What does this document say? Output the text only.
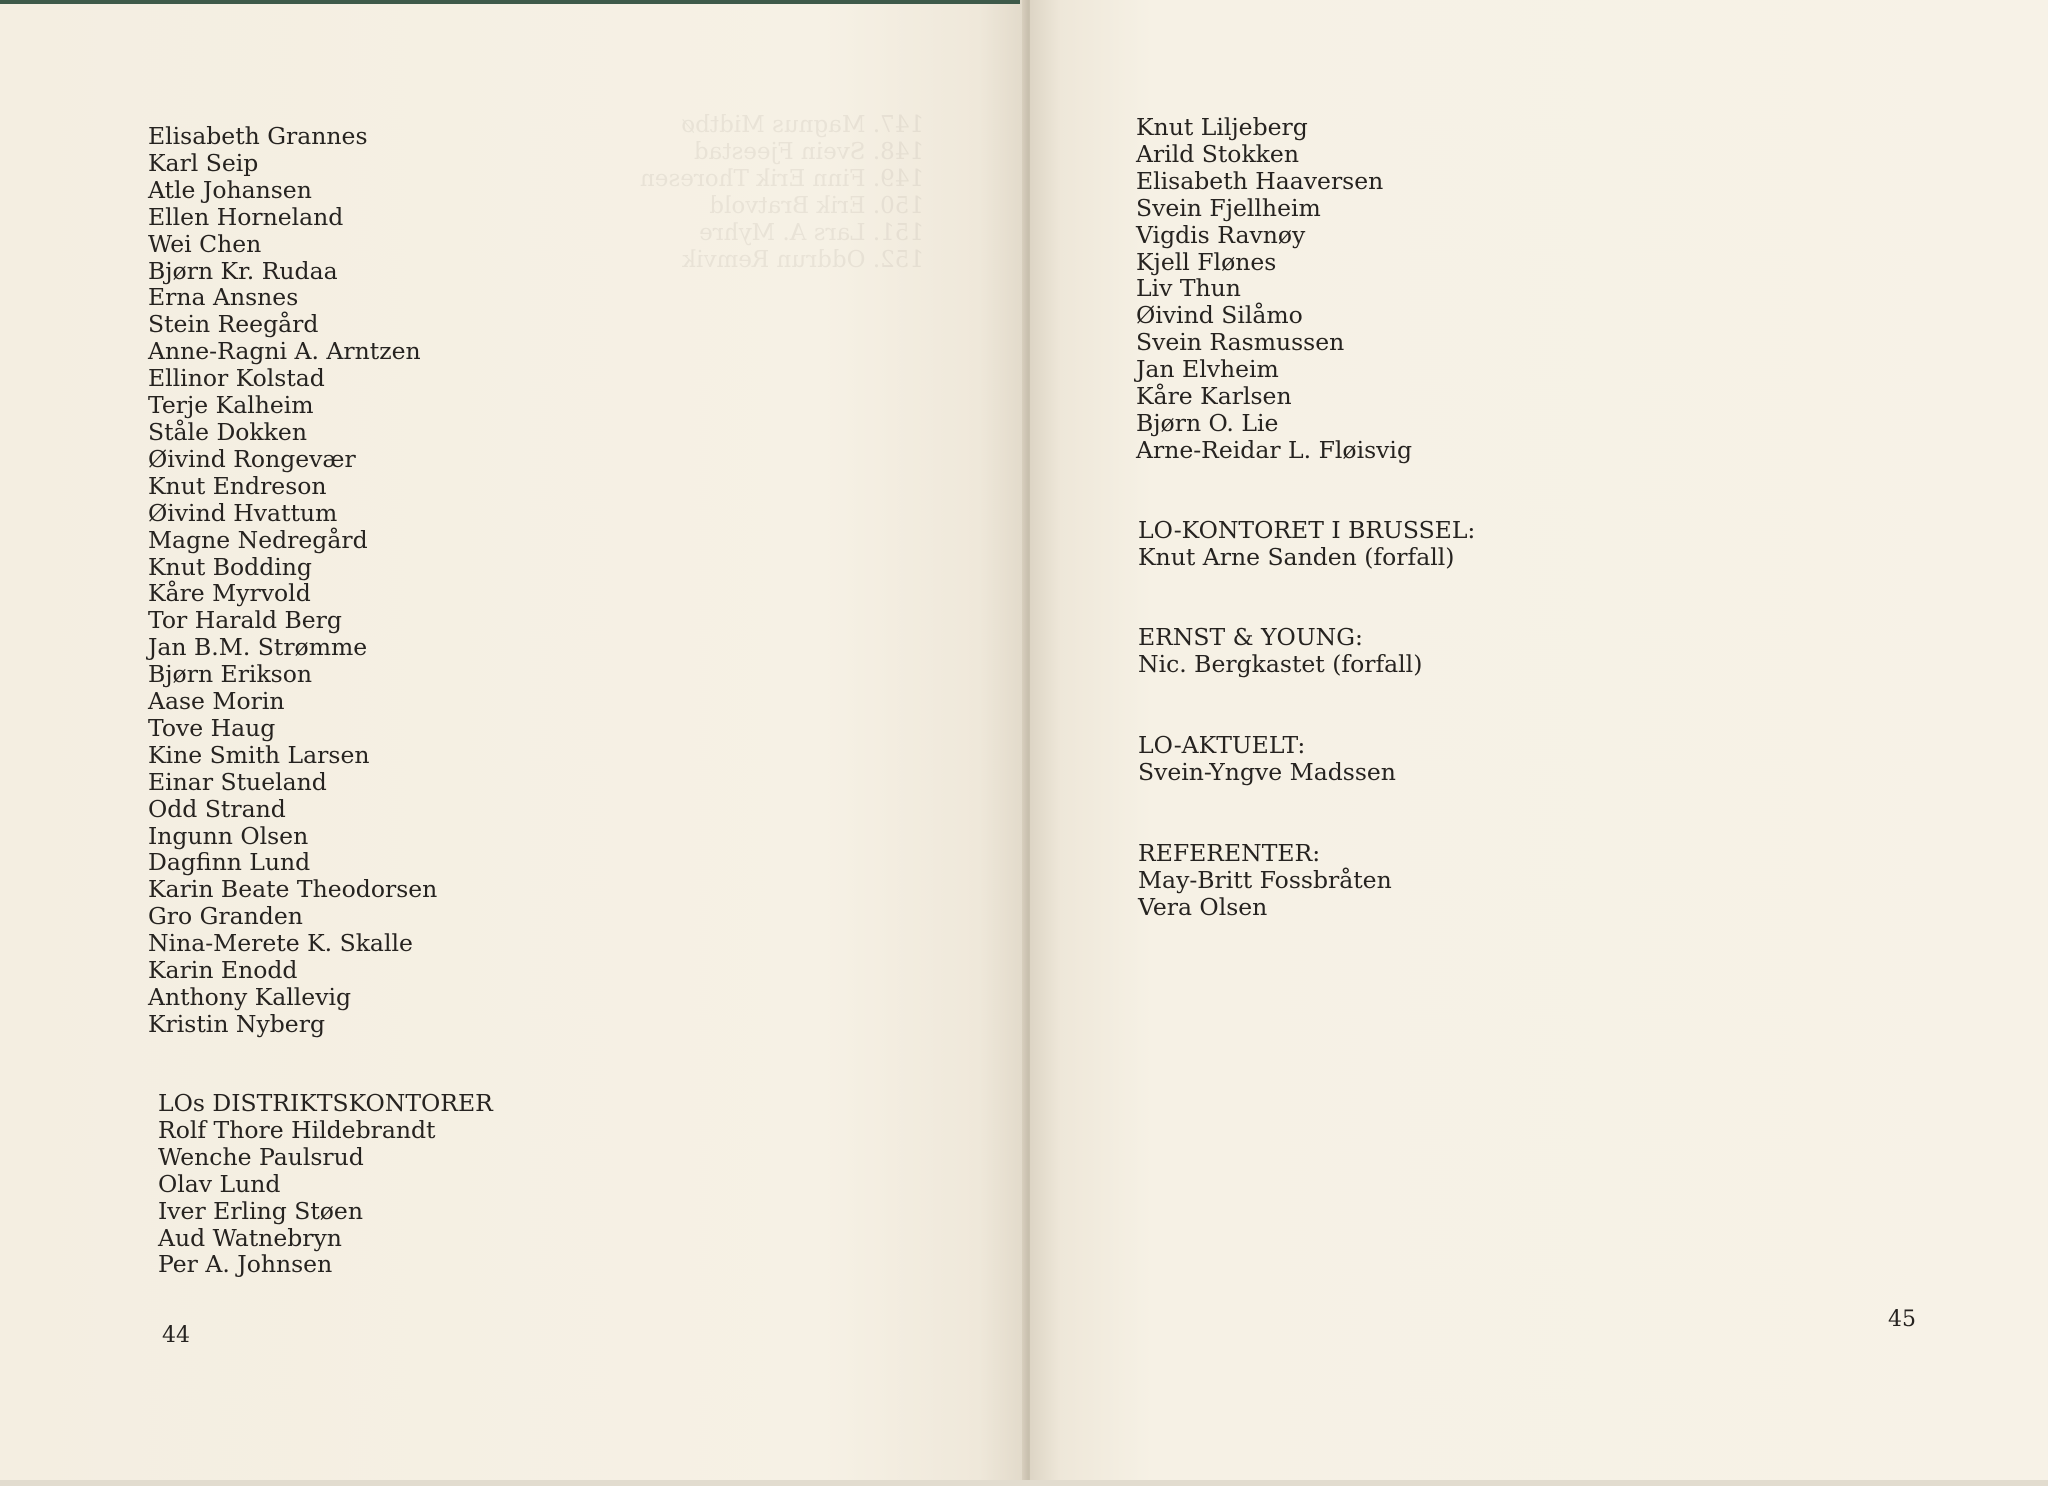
147. Magnus Midtbø
148. Svein Fjeestad
149. Finn Erik Thoresen
150. Erik Bratvold
151. Lars A. Myhre
152. Oddrun Remvik
Elisabeth Grannes
Karl Seip
Atle Johansen
Ellen Horneland
Wei Chen
Bjørn Kr. Rudaa
Erna Ansnes
Stein Reegård
Anne-Ragni A. Arntzen
Ellinor Kolstad
Terje Kalheim
Ståle Dokken
Øivind Rongevær
Knut Endreson
Øivind Hvattum
Magne Nedregård
Knut Bodding
Kåre Myrvold
Tor Harald Berg
Jan B.M. Strømme
Bjørn Erikson
Aase Morin
Tove Haug
Kine Smith Larsen
Einar Stueland
Odd Strand
Ingunn Olsen
Dagfinn Lund
Karin Beate Theodorsen
Gro Granden
Nina-Merete K. Skalle
Karin Enodd
Anthony Kallevig
Kristin Nyberg
LOs DISTRIKTSKONTORER
Rolf Thore Hildebrandt
Wenche Paulsrud
Olav Lund
Iver Erling Støen
Aud Watnebryn
Per A. Johnsen
44
Knut Liljeberg
Arild Stokken
Elisabeth Haaversen
Svein Fjellheim
Vigdis Ravnøy
Kjell Flønes
Liv Thun
Øivind Silåmo
Svein Rasmussen
Jan Elvheim
Kåre Karlsen
Bjørn O. Lie
Arne-Reidar L. Fløisvig
LO-KONTORET I BRUSSEL:
Knut Arne Sanden (forfall)
ERNST & YOUNG:
Nic. Bergkastet (forfall)
LO-AKTUELT:
Svein-Yngve Madssen
REFERENTER:
May-Britt Fossbråten
Vera Olsen
45
